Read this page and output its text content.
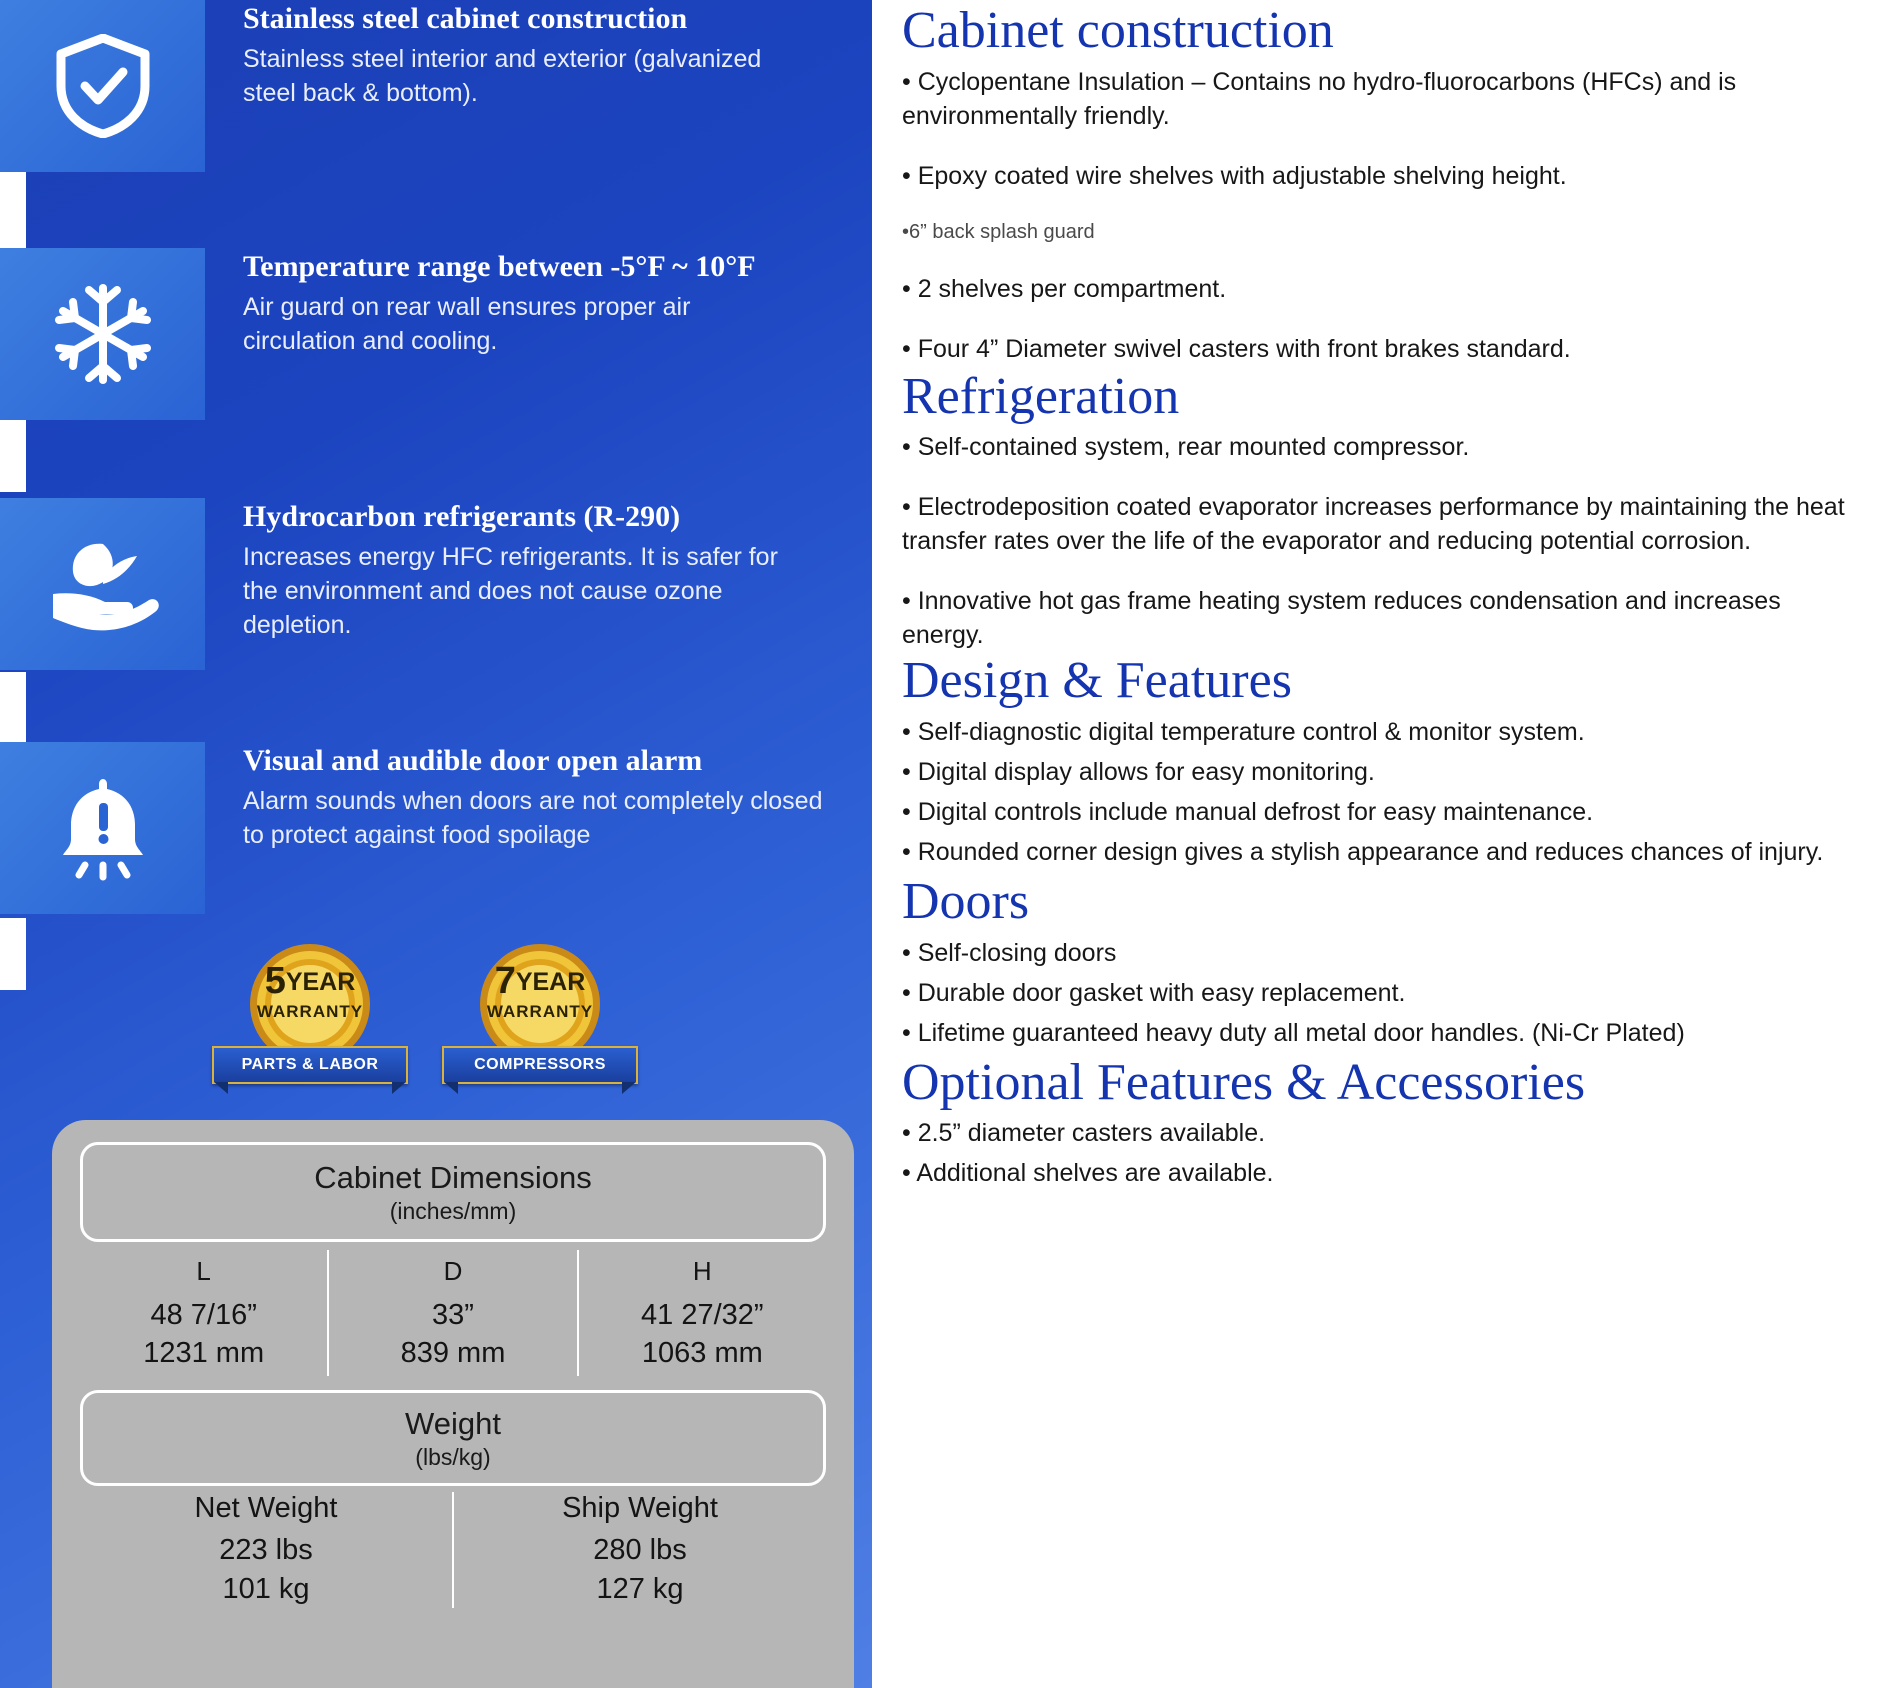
Stainless steel cabinet construction
Stainless steel interior and exterior (galvanized steel back & bottom).
Temperature range between -5°F ~ 10°F
Air guard on rear wall ensures proper air circulation and cooling.
Hydrocarbon refrigerants (R-290)
Increases energy HFC refrigerants. It is safer for the environment and does not cause ozone depletion.
Visual and audible door open alarm
Alarm sounds when doors are not completely closed to protect against food spoilage
5YEAR
WARRANTY
PARTS & LABOR
7YEAR
WARRANTY
COMPRESSORS
Cabinet Dimensions
(inches/mm)
L
48 7/16”
1231 mm
D
33”
839 mm
H
41 27/32”
1063 mm
Weight
(lbs/kg)
Net Weight
223 lbs
101 kg
Ship Weight
280 lbs
127 kg
Cabinet construction

• Cyclopentane Insulation – Contains no hydro-fluorocarbons (HFCs) and is environmentally friendly.

• Epoxy coated wire shelves with adjustable shelving height.

•6” back splash guard

• 2 shelves per compartment.

• Four 4” Diameter swivel casters with front brakes standard.

Refrigeration

• Self-contained system, rear mounted compressor.

• Electrodeposition coated evaporator increases performance by maintaining the heat transfer rates over the life of the evaporator and reducing potential corrosion.

• Innovative hot gas frame heating system reduces condensation and increases energy.

Design & Features

• Self-diagnostic digital temperature control & monitor system.

• Digital display allows for easy monitoring.

• Digital controls include manual defrost for easy maintenance.

• Rounded corner design gives a stylish appearance and reduces chances of injury.

Doors

• Self-closing doors

• Durable door gasket with easy replacement.

• Lifetime guaranteed heavy duty all metal door handles. (Ni-Cr Plated)

Optional Features & Accessories

• 2.5” diameter casters available.

• Additional shelves are available.
